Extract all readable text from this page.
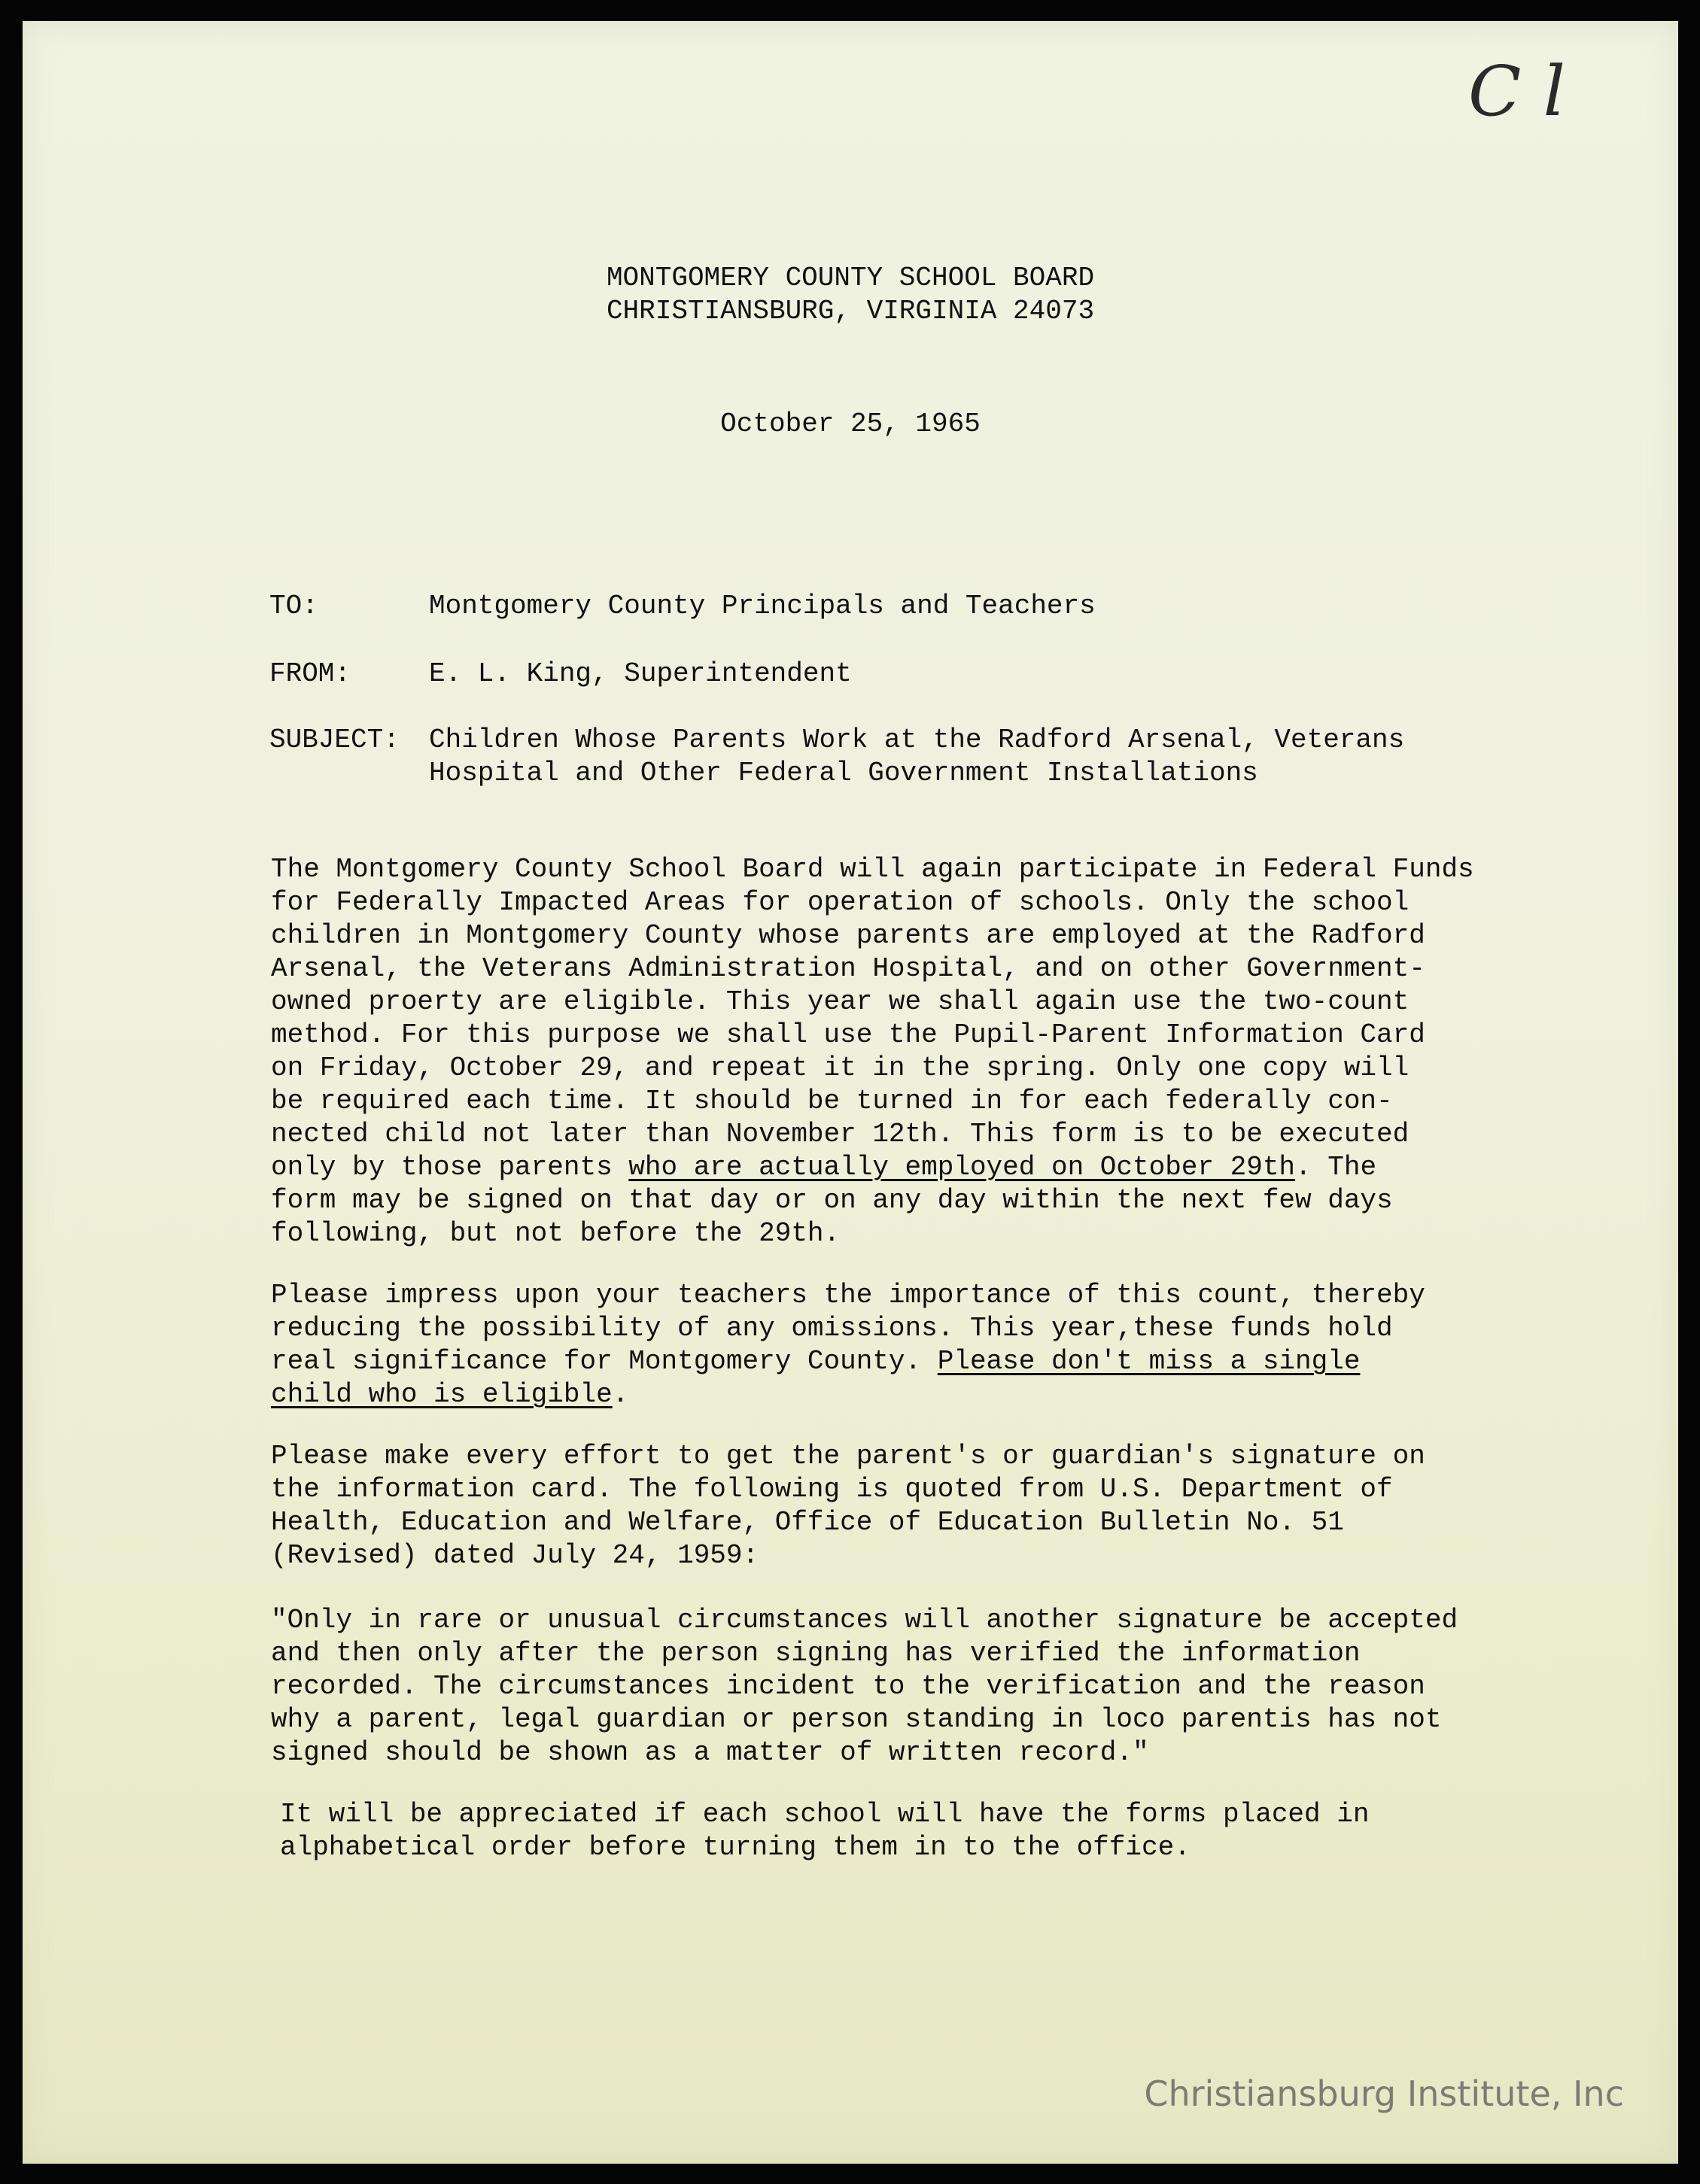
C l
MONTGOMERY COUNTY SCHOOL BOARD
CHRISTIANSBURG, VIRGINIA 24073
October 25, 1965
TO:	Montgomery County Principals and Teachers
FROM:	E. L. King, Superintendent
SUBJECT:	Children Whose Parents Work at the Radford Arsenal, Veterans
Hospital and Other Federal Government Installations
The Montgomery County School Board will again participate in Federal Funds
for Federally Impacted Areas for operation of schools. Only the school
children in Montgomery County whose parents are employed at the Radford
Arsenal, the Veterans Administration Hospital, and on other Government-
owned proerty are eligible. This year we shall again use the two-count
method. For this purpose we shall use the Pupil-Parent Information Card
on Friday, October 29, and repeat it in the spring. Only one copy will
be required each time. It should be turned in for each federally con-
nected child not later than November 12th. This form is to be executed
only by those parents who are actually employed on October 29th. The
form may be signed on that day or on any day within the next few days
following, but not before the 29th.
Please impress upon your teachers the importance of this count, thereby
reducing the possibility of any omissions. This year,these funds hold
real significance for Montgomery County. Please don't miss a single
child who is eligible.
Please make every effort to get the parent's or guardian's signature on
the information card. The following is quoted from U.S. Department of
Health, Education and Welfare, Office of Education Bulletin No. 51
(Revised) dated July 24, 1959:
"Only in rare or unusual circumstances will another signature be accepted
and then only after the person signing has verified the information
recorded. The circumstances incident to the verification and the reason
why a parent, legal guardian or person standing in loco parentis has not
signed should be shown as a matter of written record."
It will be appreciated if each school will have the forms placed in
alphabetical order before turning them in to the office.
Christiansburg Institute, Inc
